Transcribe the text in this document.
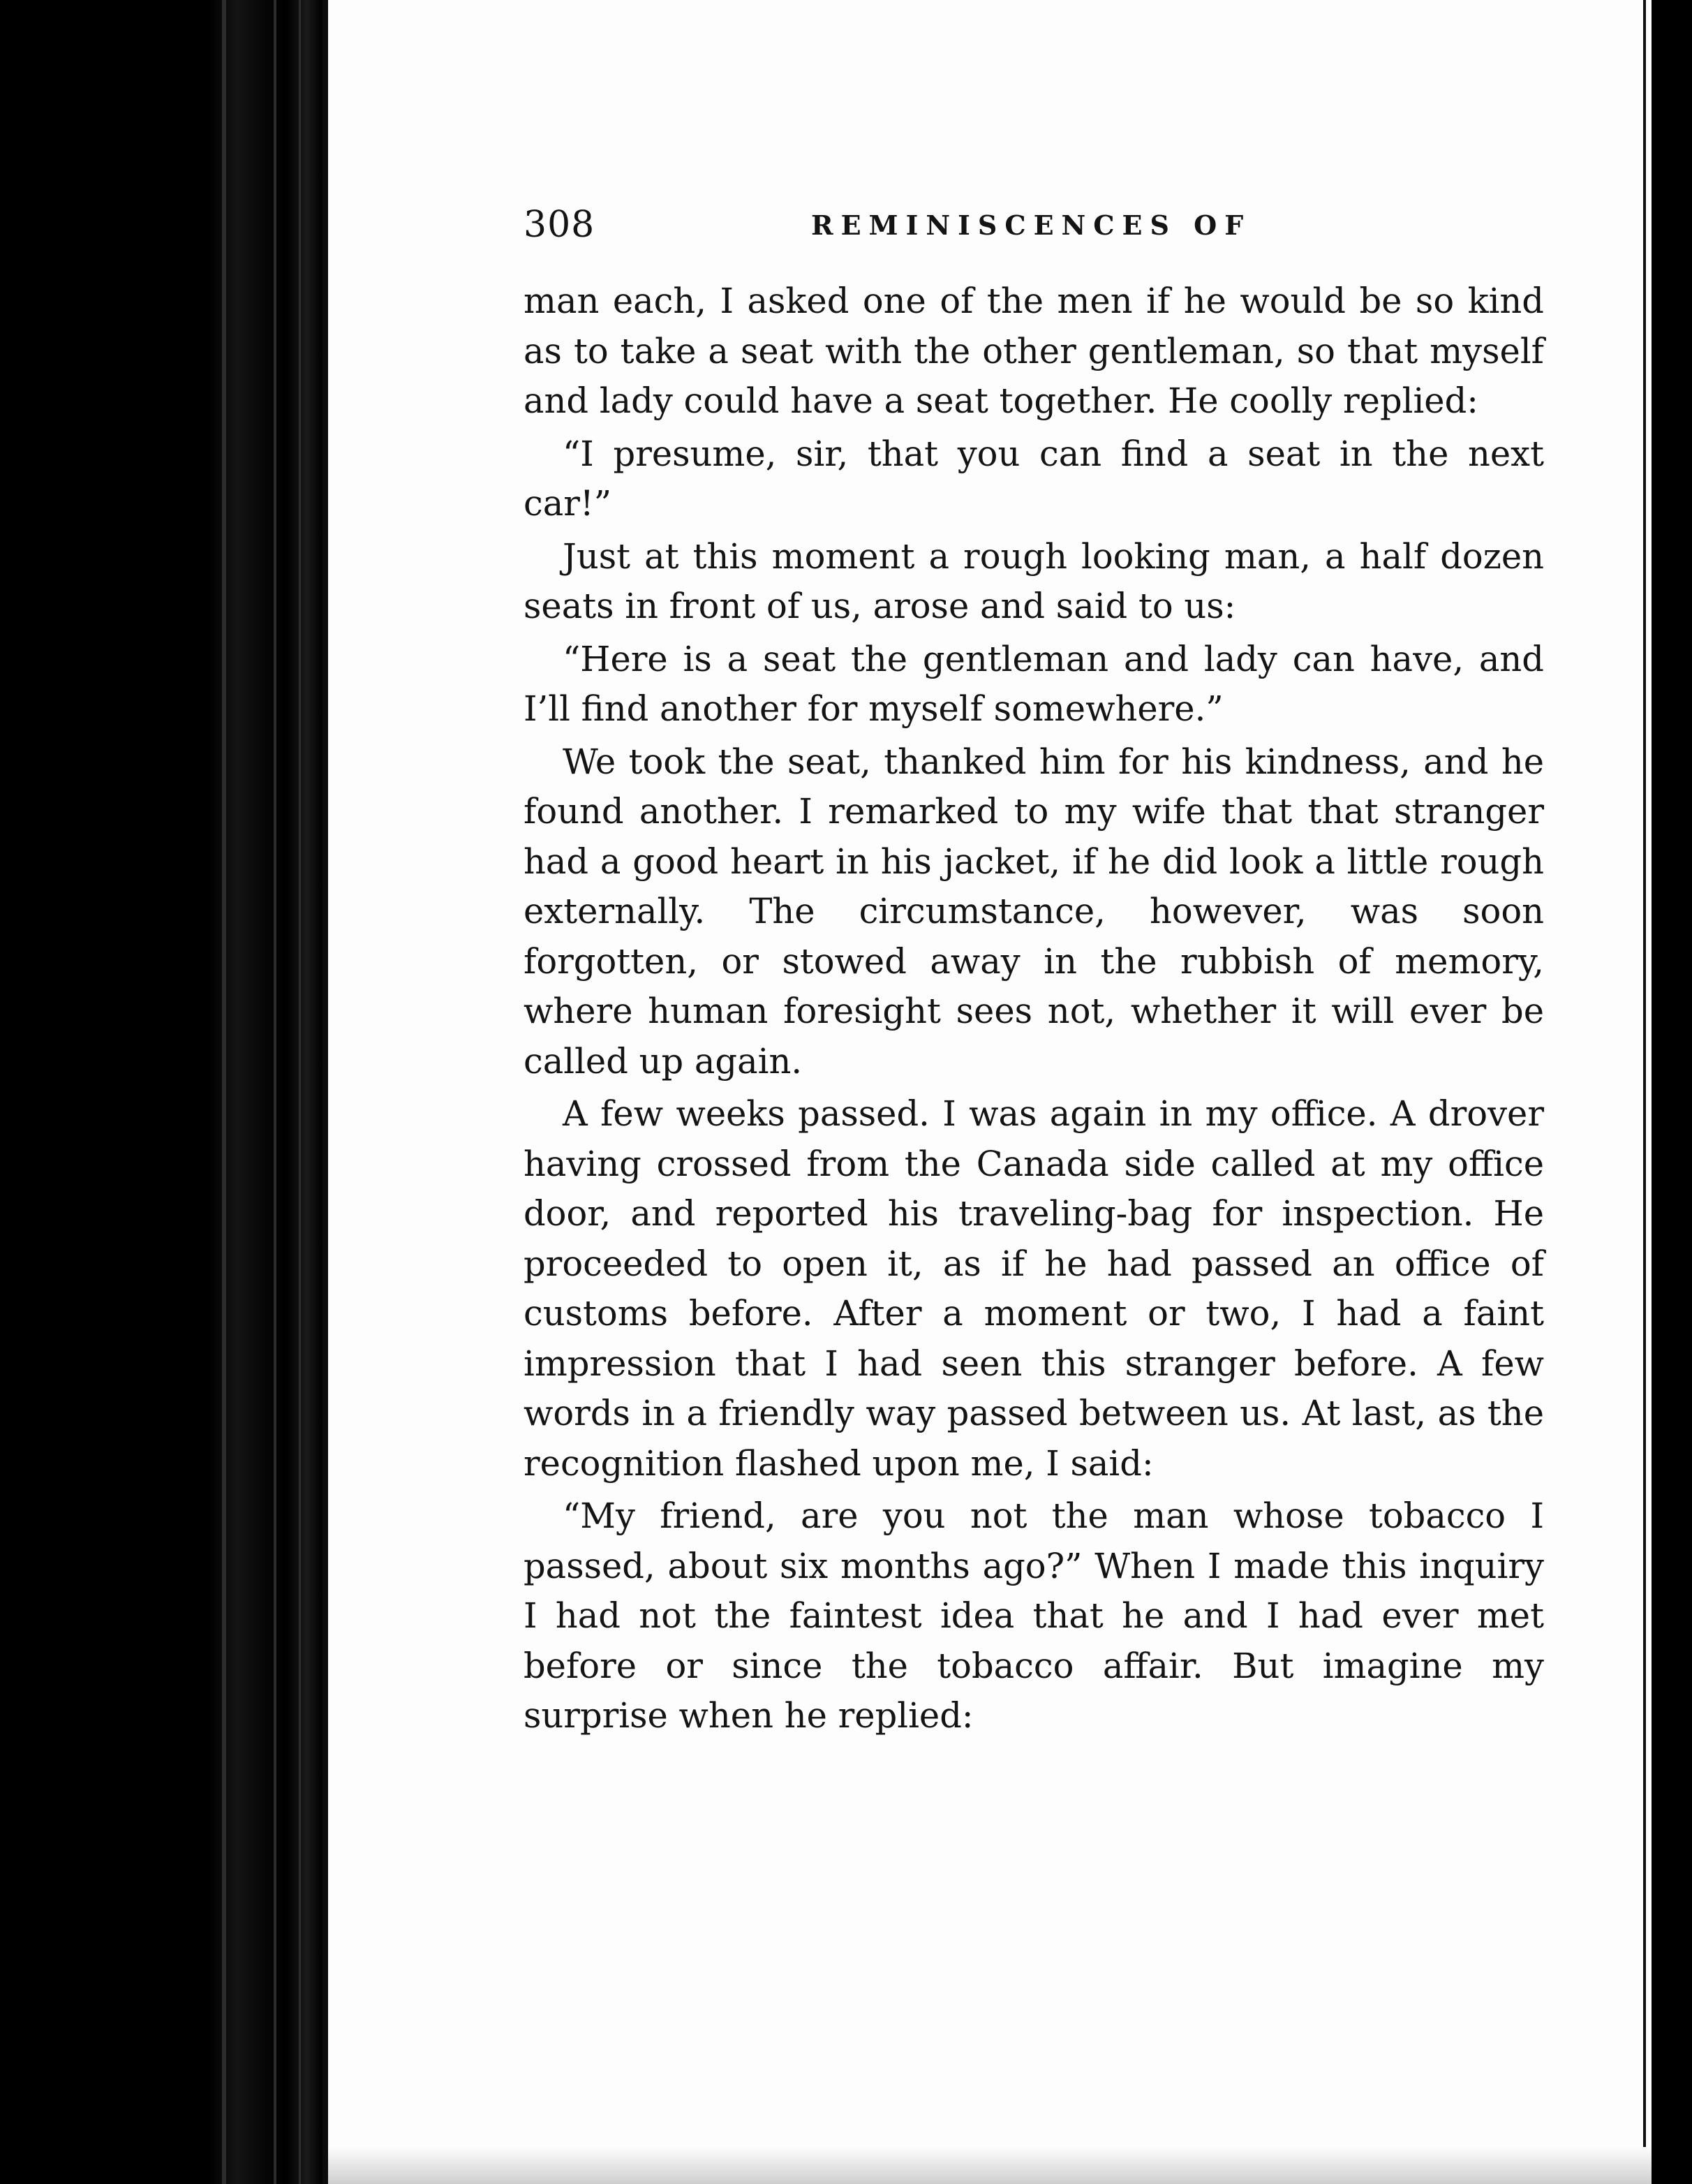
308	REMINISCENCES OF

man each, I asked one of the men if he would be so kind as to take a seat with the other gentleman, so that myself and lady could have a seat together. He coolly replied:

“I presume, sir, that you can find a seat in the next car!”

Just at this moment a rough looking man, a half dozen seats in front of us, arose and said to us:

“Here is a seat the gentleman and lady can have, and I’ll find another for myself somewhere.”

We took the seat, thanked him for his kindness, and he found another. I remarked to my wife that that stranger had a good heart in his jacket, if he did look a little rough externally. The circumstance, however, was soon forgotten, or stowed away in the rubbish of memory, where human foresight sees not, whether it will ever be called up again.

A few weeks passed. I was again in my office. A drover having crossed from the Canada side called at my office door, and reported his traveling-bag for inspection. He proceeded to open it, as if he had passed an office of customs before. After a moment or two, I had a faint impression that I had seen this stranger before. A few words in a friendly way passed between us. At last, as the recognition flashed upon me, I said:

“My friend, are you not the man whose tobacco I passed, about six months ago?” When I made this inquiry I had not the faintest idea that he and I had ever met before or since the tobacco affair. But imagine my surprise when he replied:
